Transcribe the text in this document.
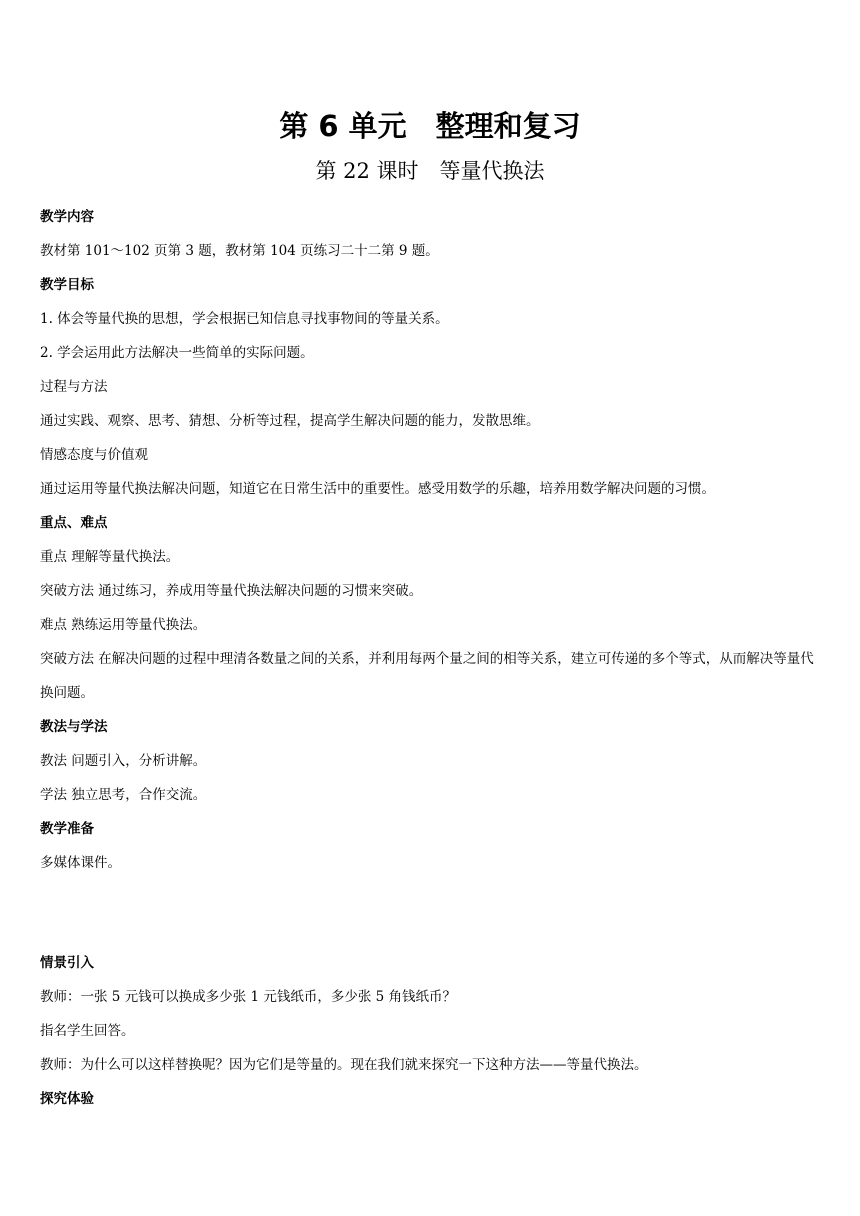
第 6 单元　整理和复习
第 22 课时　等量代换法
教学内容
教材第 101～102 页第 3 题，教材第 104 页练习二十二第 9 题。
教学目标
1. 体会等量代换的思想，学会根据已知信息寻找事物间的等量关系。
2. 学会运用此方法解决一些简单的实际问题。
过程与方法
通过实践、观察、思考、猜想、分析等过程，提高学生解决问题的能力，发散思维。
情感态度与价值观
通过运用等量代换法解决问题，知道它在日常生活中的重要性。感受用数学的乐趣，培养用数学解决问题的习惯。
重点、难点
重点 理解等量代换法。
突破方法 通过练习，养成用等量代换法解决问题的习惯来突破。
难点 熟练运用等量代换法。
突破方法 在解决问题的过程中理清各数量之间的关系，并利用每两个量之间的相等关系，建立可传递的多个等式，从而解决等量代换问题。
教法与学法
教法 问题引入，分析讲解。
学法 独立思考，合作交流。
教学准备
多媒体课件。
情景引入
教师：一张 5 元钱可以换成多少张 1 元钱纸币，多少张 5 角钱纸币？
指名学生回答。
教师：为什么可以这样替换呢？因为它们是等量的。现在我们就来探究一下这种方法——等量代换法。
探究体验
